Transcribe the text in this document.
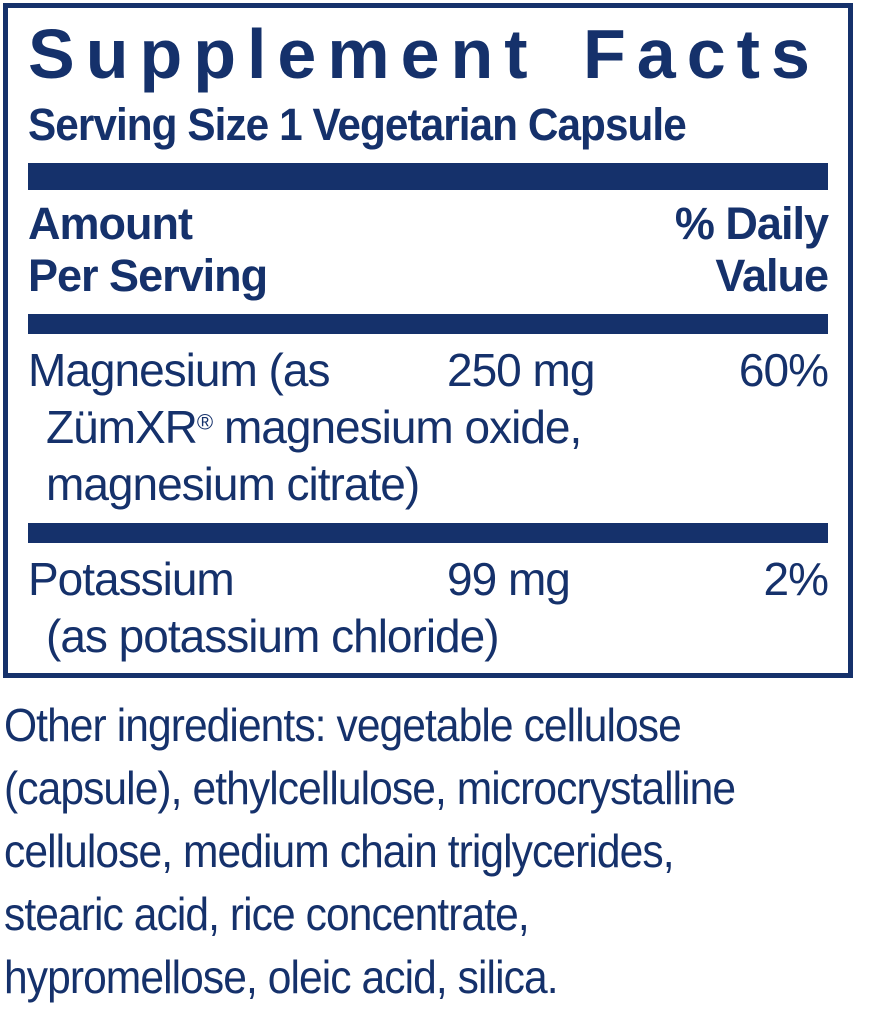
Supplement Facts
Serving Size 1 Vegetarian Capsule
Amount
Per Serving
% Daily
Value
Magnesium (as	250 mg	60%
ZümXR® magnesium oxide,
magnesium citrate)
Potassium	99 mg	2%
(as potassium chloride)
Other ingredients: vegetable cellulose
(capsule), ethylcellulose, microcrystalline
cellulose, medium chain triglycerides,
stearic acid, rice concentrate,
hypromellose, oleic acid, silica.
